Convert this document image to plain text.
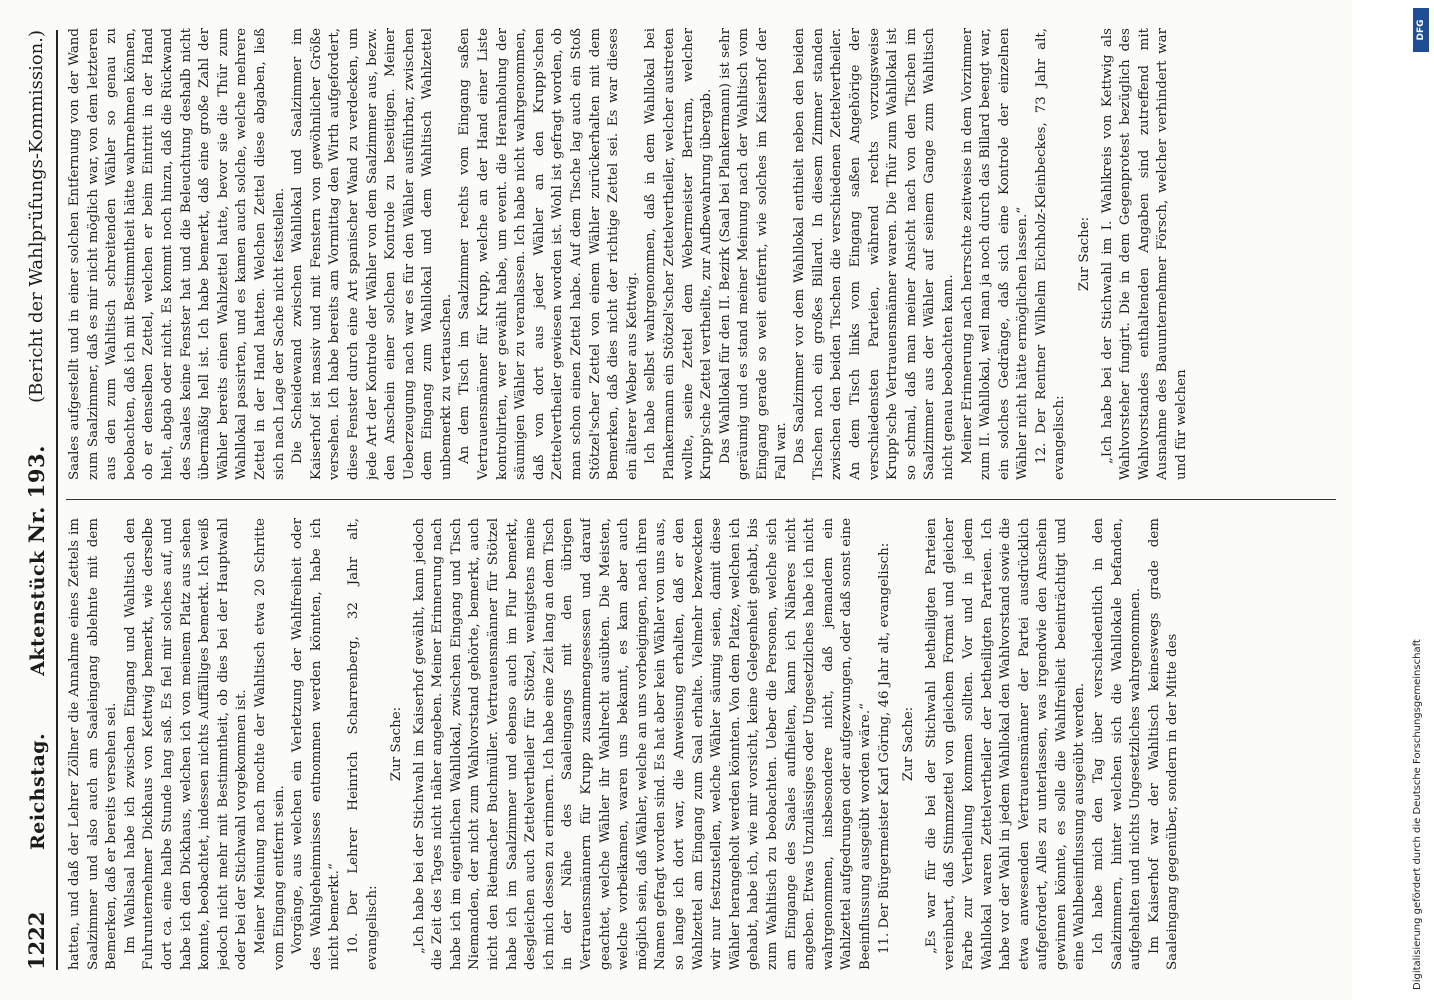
1222
Reichstag.        Aktenstück Nr. 193.
(Bericht der Wahlprüfungs-Kommission.)

hatten, und daß der Lehrer Zöllner die Annahme eines Zettels im Saalzimmer und also auch am Saaleingang ablehnte mit dem Bemerken, daß er bereits versehen sei. Im Wahlsaal habe ich zwischen Eingang und Wahltisch den Fuhrunternehmer Dickhaus von Kettwig bemerkt, wie derselbe dort ca. eine halbe Stunde lang saß. Es fiel mir solches auf, und habe ich den Dickhaus, welchen ich von meinem Platz aus sehen konnte, beobachtet, indessen nichts Auffälliges bemerkt. Ich weiß jedoch nicht mehr mit Bestimmtheit, ob dies bei der Hauptwahl oder bei der Stichwahl vorgekommen ist. Meiner Meinung nach mochte der Wahltisch etwa 20 Schritte vom Eingang entfernt sein. Vorgänge, aus welchen ein Verletzung der Wahlfreiheit oder des Wahlgeheimnisses entnommen werden könnten, habe ich nicht bemerkt.“ 10. Der Lehrer Heinrich Scharrenberg, 32 Jahr alt, evangelisch:

Zur Sache: „Ich habe bei der Stichwahl im Kaiserhof gewählt, kann jedoch die Zeit des Tages nicht näher angeben. Meiner Erinnerung nach habe ich im eigentlichen Wahllokal, zwischen Eingang und Tisch Niemanden, der nicht zum Wahlvorstand gehörte, bemerkt, auch nicht den Rietmacher Buchmüller. Vertrauensmänner für Stötzel habe ich im Saalzimmer und ebenso auch im Flur bemerkt, desgleichen auch Zettelvertheiler für Stötzel, wenigstens meine ich mich dessen zu erinnern. Ich habe eine Zeit lang an dem Tisch in der Nähe des Saaleingangs mit den übrigen Vertrauensmännern für Krupp zusammengesessen und darauf geachtet, welche Wähler ihr Wahlrecht ausübten. Die Meisten, welche vorbeikamen, waren uns bekannt, es kam aber auch möglich sein, daß Wähler, welche an uns vorbeigingen, nach ihren Namen gefragt worden sind. Es hat aber kein Wähler von uns aus, so lange ich dort war, die Anweisung erhalten, daß er den Wahlzettel am Eingang zum Saal erhalte. Vielmehr bezweckten wir nur festzustellen, welche Wähler säumig seien, damit diese Wähler herangeholt werden könnten. Von dem Platze, welchen ich gehabt, habe ich, wie mir vorsicht, keine Gelegenheit gehabt, bis zum Wahltisch zu beobachten. Ueber die Personen, welche sich am Eingange des Saales aufhielten, kann ich Näheres nicht angeben. Etwas Unzulässiges oder Ungesetzliches habe ich nicht wahrgenommen, insbesondere nicht, daß jemandem ein Wahlzettel aufgedrungen oder aufgezwungen, oder daß sonst eine Beeinflussung ausgeübt worden wäre.“ 11. Der Bürgermeister Karl Göring, 46 Jahr alt, evangelisch: Zur Sache: „Es war für die bei der Stichwahl betheiligten Parteien vereinbart, daß Stimmzettel von gleichem Format und gleicher Farbe zur Vertheilung kommen sollten. Vor und in jedem Wahllokal waren Zettelvertheiler der betheiligten Parteien. Ich habe vor der Wahl in jedem Wahllokal den Wahlvorstand sowie die etwa anwesenden Vertrauensmänner der Partei ausdrücklich aufgefordert, Alles zu unterlassen, was irgendwie den Anschein gewinnen könnte, es solle die Wahlfreiheit beeinträchtigt und eine Wahlbeeinflussung ausgeübt werden. Ich habe mich den Tag über verschiedentlich in den Saalzimmern, hinter welchen sich die Wahllokale befanden, aufgehalten und nichts Ungesetzliches wahrgenommen. Im Kaiserhof war der Wahltisch keineswegs grade dem Saaleingang gegenüber, sondern in der Mitte des

Saales aufgestellt und in einer solchen Entfernung von der Wand zum Saalzimmer, daß es mir nicht möglich war, von dem letzteren aus den zum Wahltisch schreitenden Wähler so genau zu beobachten, daß ich mit Bestimmtheit hätte wahrnehmen können, ob er denselben Zettel, welchen er beim Eintritt in der Hand hielt, abgab oder nicht. Es kommt noch hinzu, daß die Rückwand des Saales keine Fenster hat und die Beleuchtung deshalb nicht übermäßig hell ist. Ich habe bemerkt, daß eine große Zahl der Wähler bereits einen Wahlzettel hatte, bevor sie die Thür zum Wahllokal passirten, und es kamen auch solche, welche mehrere Zettel in der Hand hatten. Welchen Zettel diese abgaben, ließ sich nach Lage der Sache nicht feststellen. Die Scheidewand zwischen Wahllokal und Saalzimmer im Kaiserhof ist massiv und mit Fenstern von gewöhnlicher Größe versehen. Ich habe bereits am Vormittag den Wirth aufgefordert, diese Fenster durch eine Art spanischer Wand zu verdecken, um jede Art der Kontrole der Wähler von dem Saalzimmer aus, bezw. den Anschein einer solchen Kontrole zu beseitigen. Meiner Ueberzeugung nach war es für den Wähler ausführbar, zwischen dem Eingang zum Wahllokal und dem Wahltisch Wahlzettel unbemerkt zu vertauschen. An dem Tisch im Saalzimmer rechts vom Eingang saßen Vertrauensmänner für Krupp, welche an der Hand einer Liste kontrolirten, wer gewählt habe, um event. die Heranholung der säumigen Wähler zu veranlassen. Ich habe nicht wahrgenommen, daß von dort aus jeder Wähler an den Krupp'schen Zettelvertheiler gewiesen worden ist. Wohl ist gefragt worden, ob man schon einen Zettel habe. Auf dem Tische lag auch ein Stoß Stötzel'scher Zettel von einem Wähler zurückerhalten mit dem Bemerken, daß dies nicht der richtige Zettel sei. Es war dieses ein älterer Weber aus Kettwig. Ich habe selbst wahrgenommen, daß in dem Wahllokal bei Plankermann ein Stötzel'scher Zettelvertheiler, welcher austreten wollte, seine Zettel dem Webermeister Bertram, welcher Krupp'sche Zettel vertheilte, zur Aufbewahrung übergab. Das Wahllokal für den II. Bezirk (Saal bei Plankermann) ist sehr geräumig und es stand meiner Meinung nach der Wahltisch vom Eingang gerade so weit entfernt, wie solches im Kaiserhof der Fall war. Das Saalzimmer vor dem Wahllokal enthielt neben den beiden Tischen noch ein großes Billard. In diesem Zimmer standen zwischen den beiden Tischen die verschiedenen Zettelvertheiler. An dem Tisch links vom Eingang saßen Angehörige der verschiedensten Parteien, während rechts vorzugsweise Krupp'sche Vertrauensmänner waren. Die Thür zum Wahllokal ist so schmal, daß man meiner Ansicht nach von den Tischen im Saalzimmer aus der Wähler auf seinem Gange zum Wahltisch nicht genau beobachten kann. Meiner Erinnerung nach herrschte zeitweise in dem Vorzimmer zum II. Wahllokal, weil man ja noch durch das Billard beengt war, ein solches Gedränge, daß sich eine Kontrole der einzelnen Wähler nicht hätte ermöglichen lassen.“ 12. Der Rentner Wilhelm Eichholz-Kleinbeckes, 73 Jahr alt, evangelisch:

Zur Sache: „Ich habe bei der Stichwahl im I. Wahlkreis von Kettwig als Wahlvorsteher fungirt. Die in dem Gegenprotest bezüglich des Wahlvorstandes enthaltenden Angaben sind zutreffend mit Ausnahme des Bauunternehmer Försch, welcher verhindert war und für welchen

Digitalisierung gefördert durch die Deutsche Forschungsgemeinschaft
DFG
